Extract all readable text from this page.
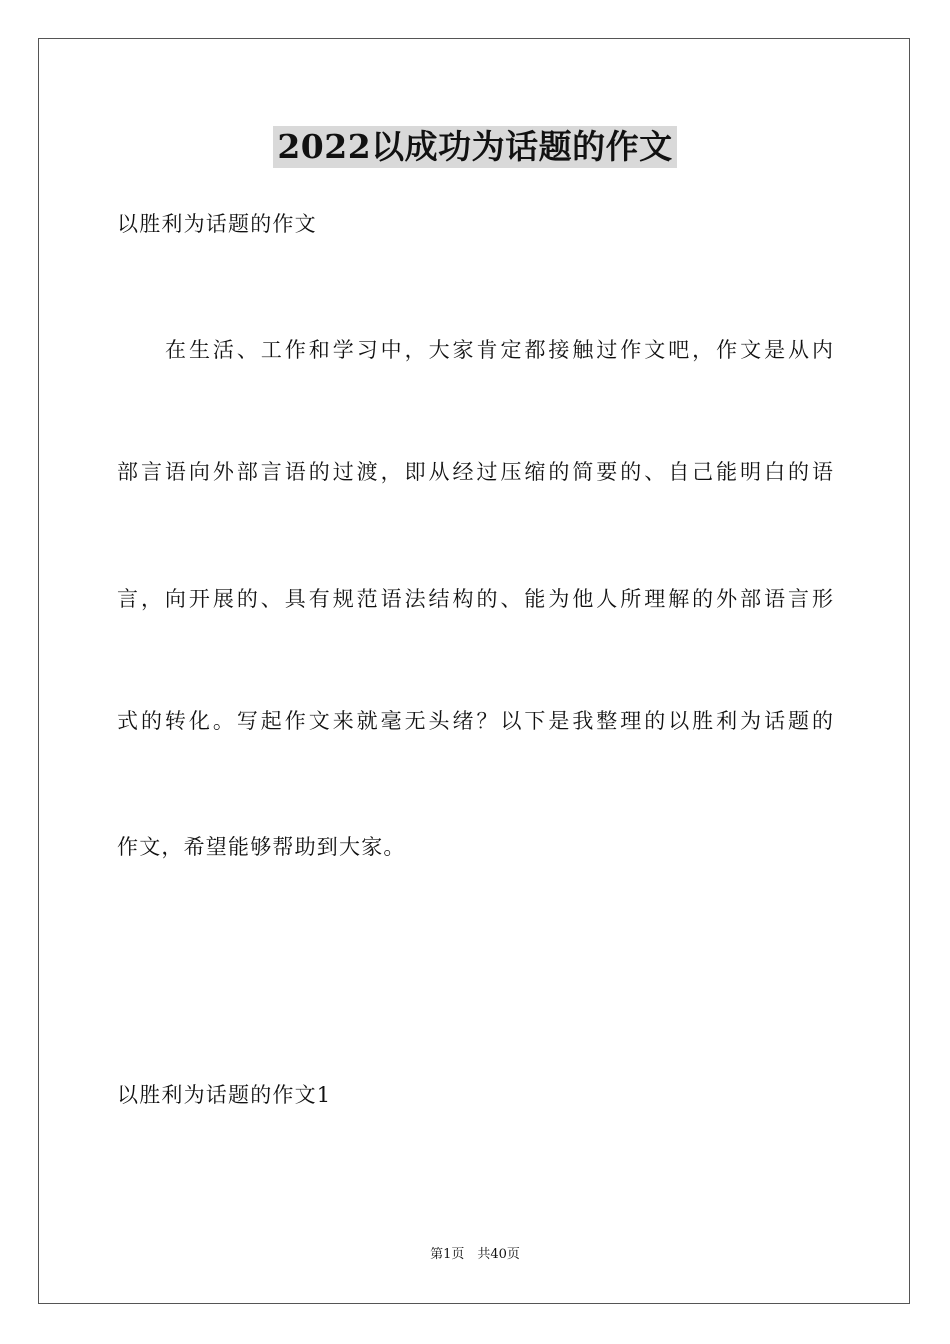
2022以成功为话题的作文
以胜利为话题的作文
在生活、工作和学习中，大家肯定都接触过作文吧，作文是从内
部言语向外部言语的过渡，即从经过压缩的简要的、自己能明白的语
言，向开展的、具有规范语法结构的、能为他人所理解的外部语言形
式的转化。写起作文来就毫无头绪？以下是我整理的以胜利为话题的
作文，希望能够帮助到大家。
以胜利为话题的作文1
第1页　共40页
